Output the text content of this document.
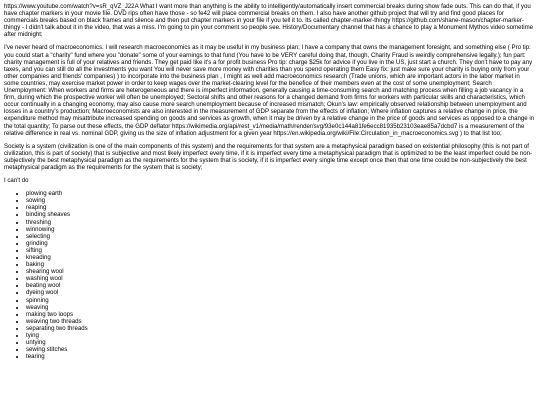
https://www.youtube.com/watch?v=sR_qVZ_J22A What I want more than anything is the ability to intelligently/automatically insert commercial breaks during show fade outs. This can do that, if you have chapter markers in your movie file. DVD rips often have those - so fe42 will place commercial breaks on them. I also have another github project that will try and find good places for commercials breaks based on black frames and silence and then put chapter markers in your file if you tell it to. Its called chapter-marker-thingy https://github.com/shane-mason/chapter-marker-thingy - I didn't talk about it in the video, that was a miss. I'm going to pin your comment so people see. History/Documentary channel that has a chance to play a Monument Mythos video sometime after midnight;

I've never heard of macroeconomics. I will research macroeconomics as it may be useful in my business plan; I have a company that owns the management foresight, and something else ( Pro tip: you could start a "charity" fund where you "donate" some of your earnings to that fund (You have to be VERY careful doing that, though, Charity Fraud is weirdly comprehensive legally.); fun part: charity management is full of your relatives and friends. They get paid like it's a for profit business Pro tip: charge $25k for advice if you live in the US, just start a church. They don't have to pay any taxes, and you can still do all the investments you want You will never save more money with charities than you spend operating them Easy fix: just make sure your charity is buying only from your other companies and friends' companies) ) to incorporate into the business plan , I might as well add macroeconomics research (Trade unions, which are important actors in the labor market in some countries, may exercise market power in order to keep wages over the market-clearing level for the benefice of their members even at the cost of some unemployment; Search Unemployment: When workers and firms are heterogeneous and there is imperfect information, generally causing a time-consuming search and matching process when filling a job vacancy in a firm, during which the prospective worker will often be unemployed; Sectoral shifts and other reasons for a changed demand from firms for workers with particular skills and characteristics, which occur continually in a changing economy, may also cause more search unemployment because of increased mismatch; Okun's law: empirically observed relationship between unemployment and losses in a country's production; Macroeconomists are also interested in the measurement of GDP separate from the effects of inflation; Where inflation captures a relative change in price, the expenditure method may misattribute increased spending on goods and services as growth, when it may be driven by a relative change in the price of goods and services as opposed to a change in the total quantity; To parse out these effects, the GDP deflator https://wikimedia.org/api/rest_v1/media/math/render/svg/93e0c144a81fe6ecc81935b23103eae85a7dcbd7 is a measurement of the relative difference in real vs. nominal GDP, giving us the size of inflation adjustment for a given year https://en.wikipedia.org/wiki/File:Circulation_in_macroeconomics.svg ) to that list too;

Society is a system (civilization is one of the main components of this system) and the requirements for that system are a metaphysical paradigm based on existential philosophy (this is not part of civilization, this is part of society) that is subjective and most likely imperfect every time, if it is imperfect every time a metaphysical paradigm that is optimized to be the least imperfect could be non-subjectively the best metaphysical paradigm as the requirements for the system that is society, if it is imperfect every single time except once then that one time could be non-subjectively the best metaphysical paradigm as the requirements for the system that is society;

I can't do

• plowing earth
• sowing
• reaping
• binding sheaves
• threshing
• winnowing
• selecting
• grinding
• sifting
• kneading
• baking
• shearing wool
• washing wool
• beating wool
• dyeing wool
• spinning
• weaving
• making two loops
• weaving two threads
• separating two threads
• tying
• untying
• sewing stitches
• tearing
